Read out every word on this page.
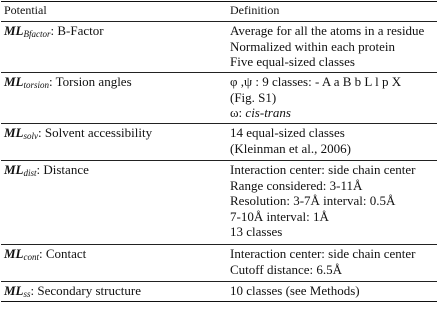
Potential	Definition
$ML_{Bfactor}$: B-Factor	Average for all the atoms in a residue
Normalized within each protein
Five equal-sized classes
$ML_{torsion}$: Torsion angles	φ ,ψ : 9 classes: - A a B b L l p X
(Fig. S1)
ω: cis-trans
$ML_{solv}$: Solvent accessibility	14 equal-sized classes
(Kleinman et al., 2006)
$ML_{dist}$: Distance	Interaction center: side chain center
Range considered: 3-11Å
Resolution: 3-7Å interval: 0.5Å
7-10Å interval: 1Å
13 classes
$ML_{cont}$: Contact	Interaction center: side chain center
Cutoff distance: 6.5Å
$ML_{ss}$: Secondary structure	10 classes (see Methods)
